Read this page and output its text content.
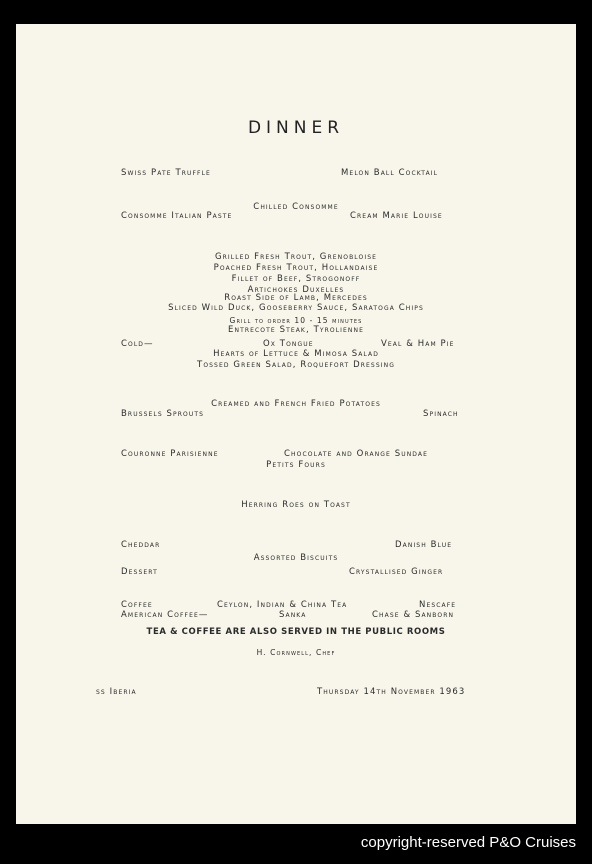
DINNER
Swiss Pate Truffle	Melon Ball Cocktail
Chilled Consomme
Consomme Italian Paste	Cream Marie Louise
Grilled Fresh Trout, Grenobloise
Poached Fresh Trout, Hollandaise
Fillet of Beef, Strogonoff
Artichokes Duxelles
Roast Side of Lamb, Mercedes
Sliced Wild Duck, Gooseberry Sauce, Saratoga Chips
Grill to order 10 - 15 minutes
Entrecote Steak, Tyrolienne
Cold—	Ox Tongue	Veal & Ham Pie
Hearts of Lettuce & Mimosa Salad
Tossed Green Salad, Roquefort Dressing
Creamed and French Fried Potatoes
Brussels Sprouts	Spinach
Couronne Parisienne	Chocolate and Orange Sundae
Petits Fours
Herring Roes on Toast
Cheddar	Danish Blue
Assorted Biscuits
Dessert	Crystallised Ginger
Coffee	Ceylon, Indian & China Tea	Nescafe
American Coffee—	Sanka	Chase & Sanborn
TEA & COFFEE ARE ALSO SERVED IN THE PUBLIC ROOMS
H. Cornwell, Chef
ss Iberia	Thursday 14th November 1963
copyright-reserved P&O Cruises
